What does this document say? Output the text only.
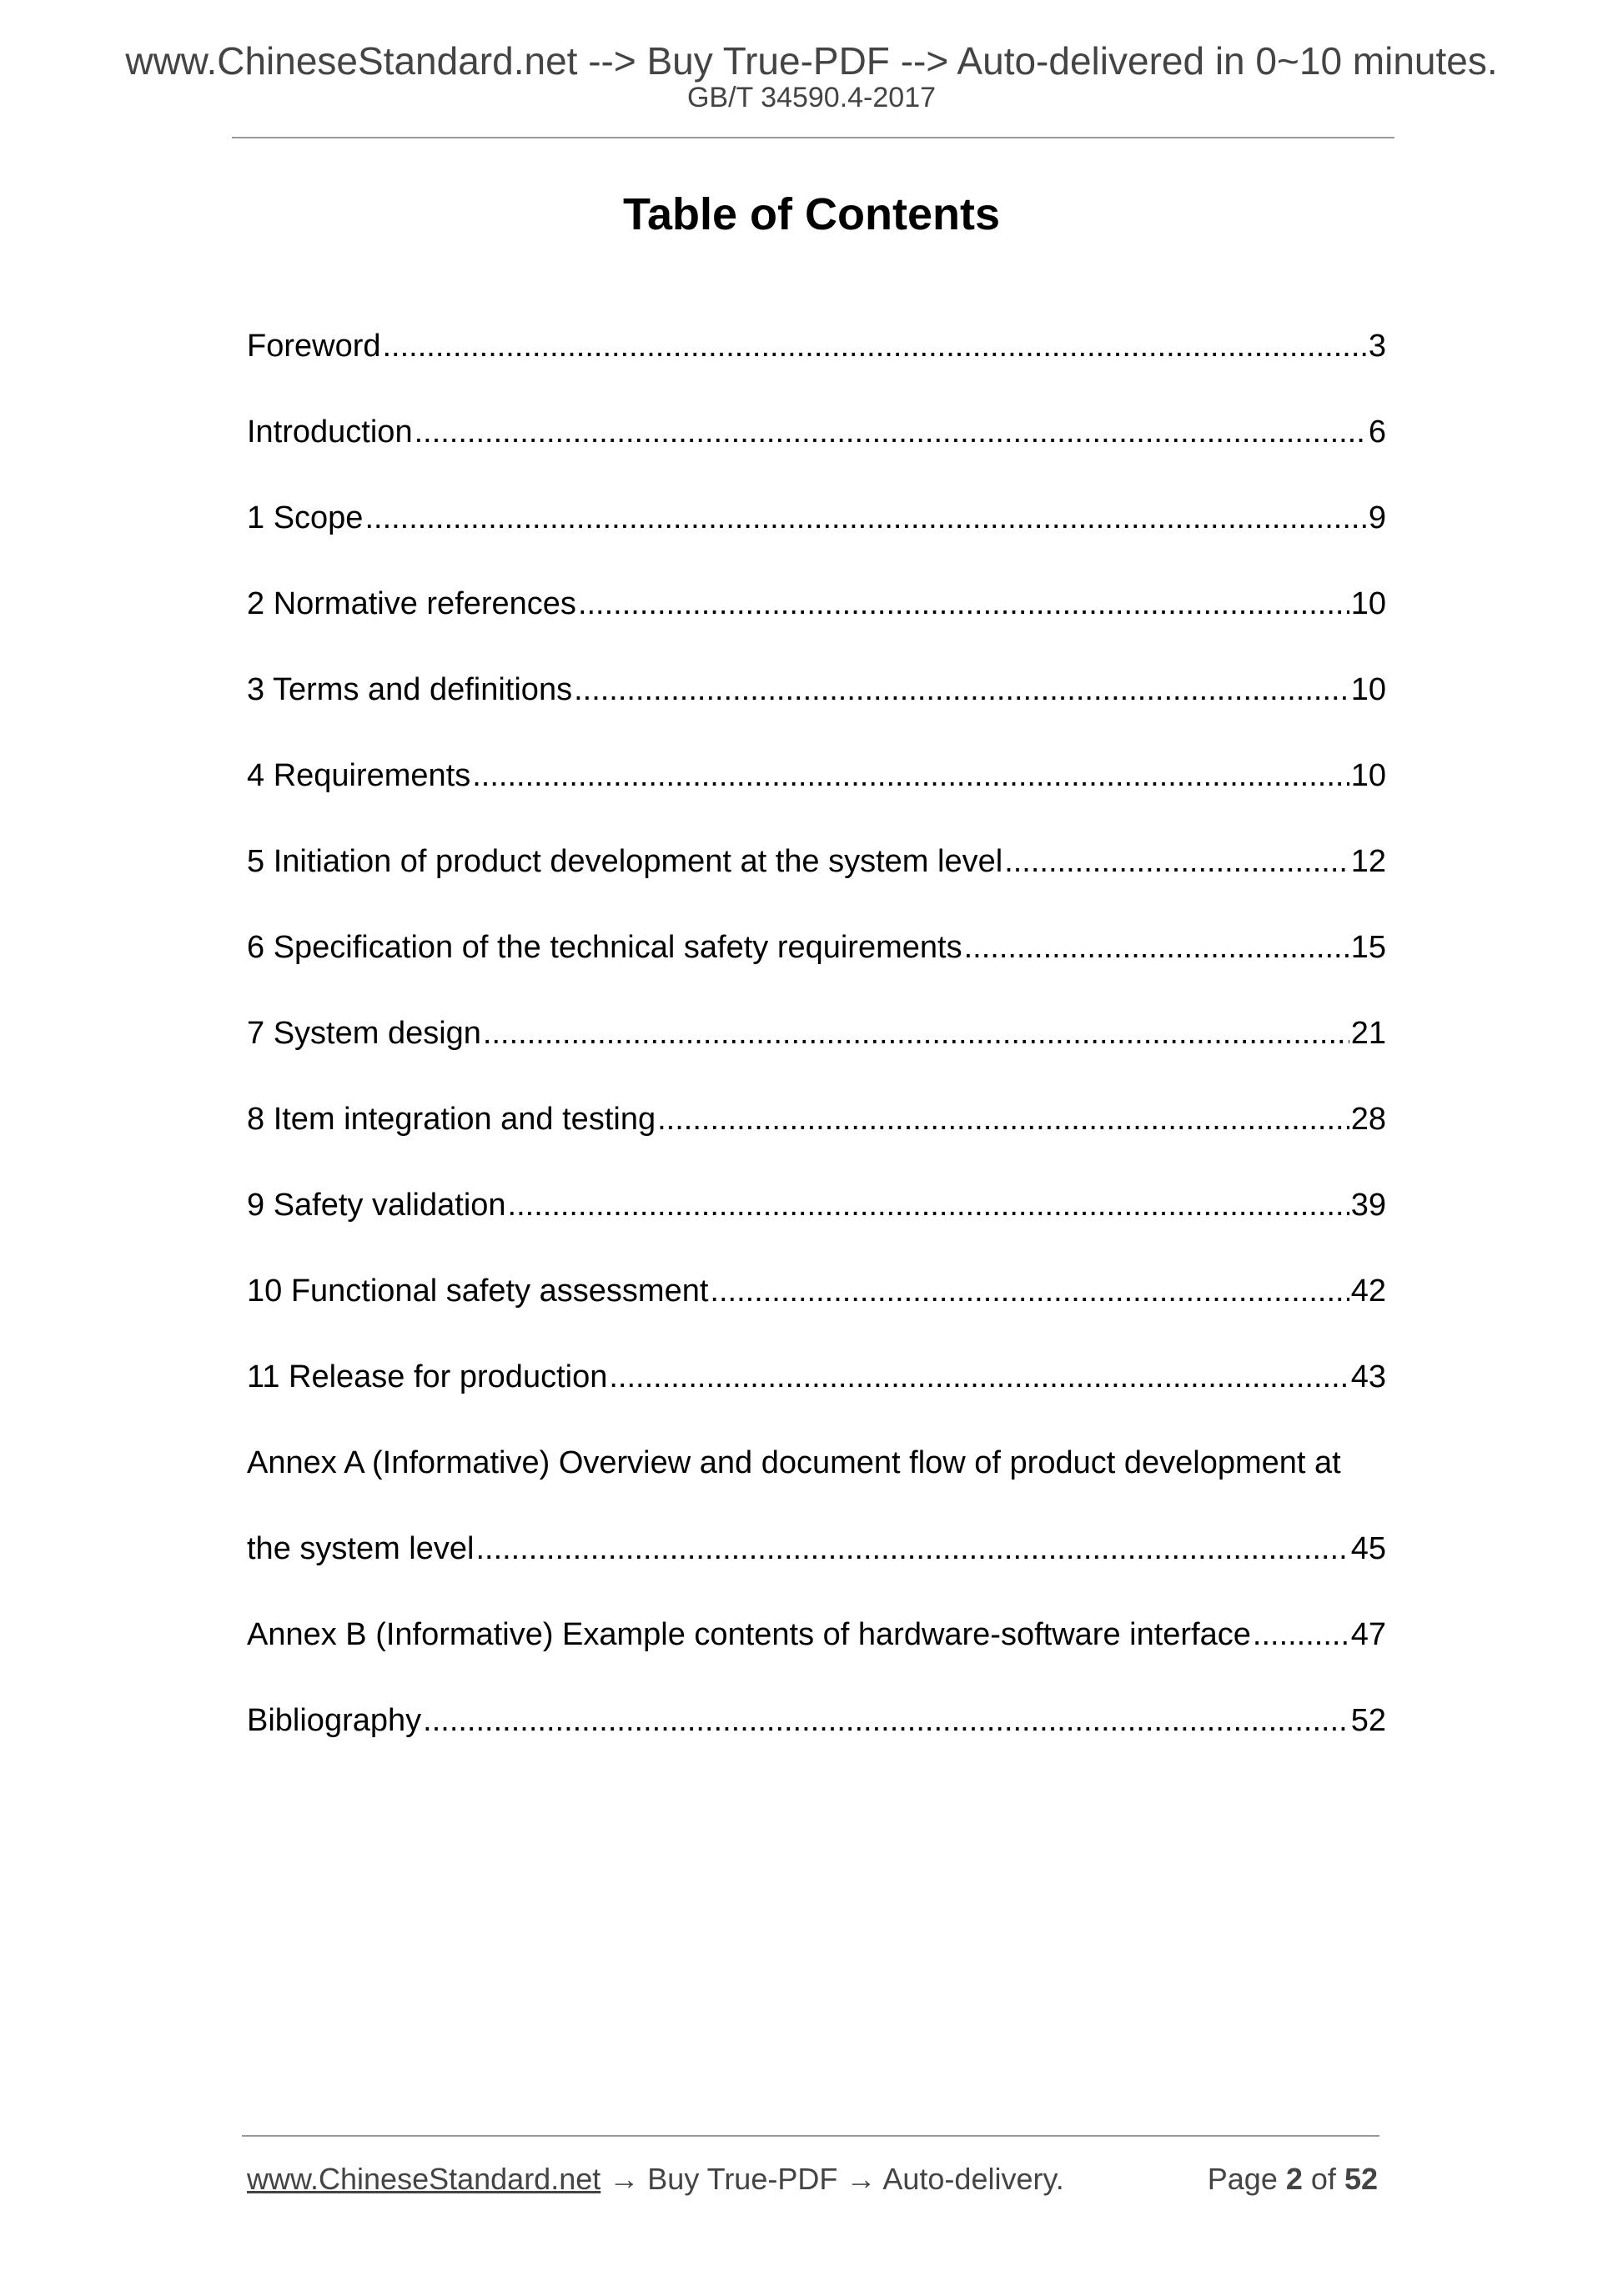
www.ChineseStandard.net --> Buy True-PDF --> Auto-delivered in 0~10 minutes.
GB/T 34590.4-2017
Table of Contents
Foreword .....	3
Introduction .....	6
1 Scope .....	9
2 Normative references .....	10
3 Terms and definitions .....	10
4 Requirements .....	10
5 Initiation of product development at the system level .....	12
6 Specification of the technical safety requirements .....	15
7 System design .....	21
8 Item integration and testing .....	28
9 Safety validation .....	39
10 Functional safety assessment .....	42
11 Release for production .....	43
Annex A (Informative) Overview and document flow of product development at
the system level .....	45
Annex B (Informative) Example contents of hardware-software interface .....	47
Bibliography .....	52
www.ChineseStandard.net → Buy True-PDF → Auto-delivery.	Page 2 of 52
